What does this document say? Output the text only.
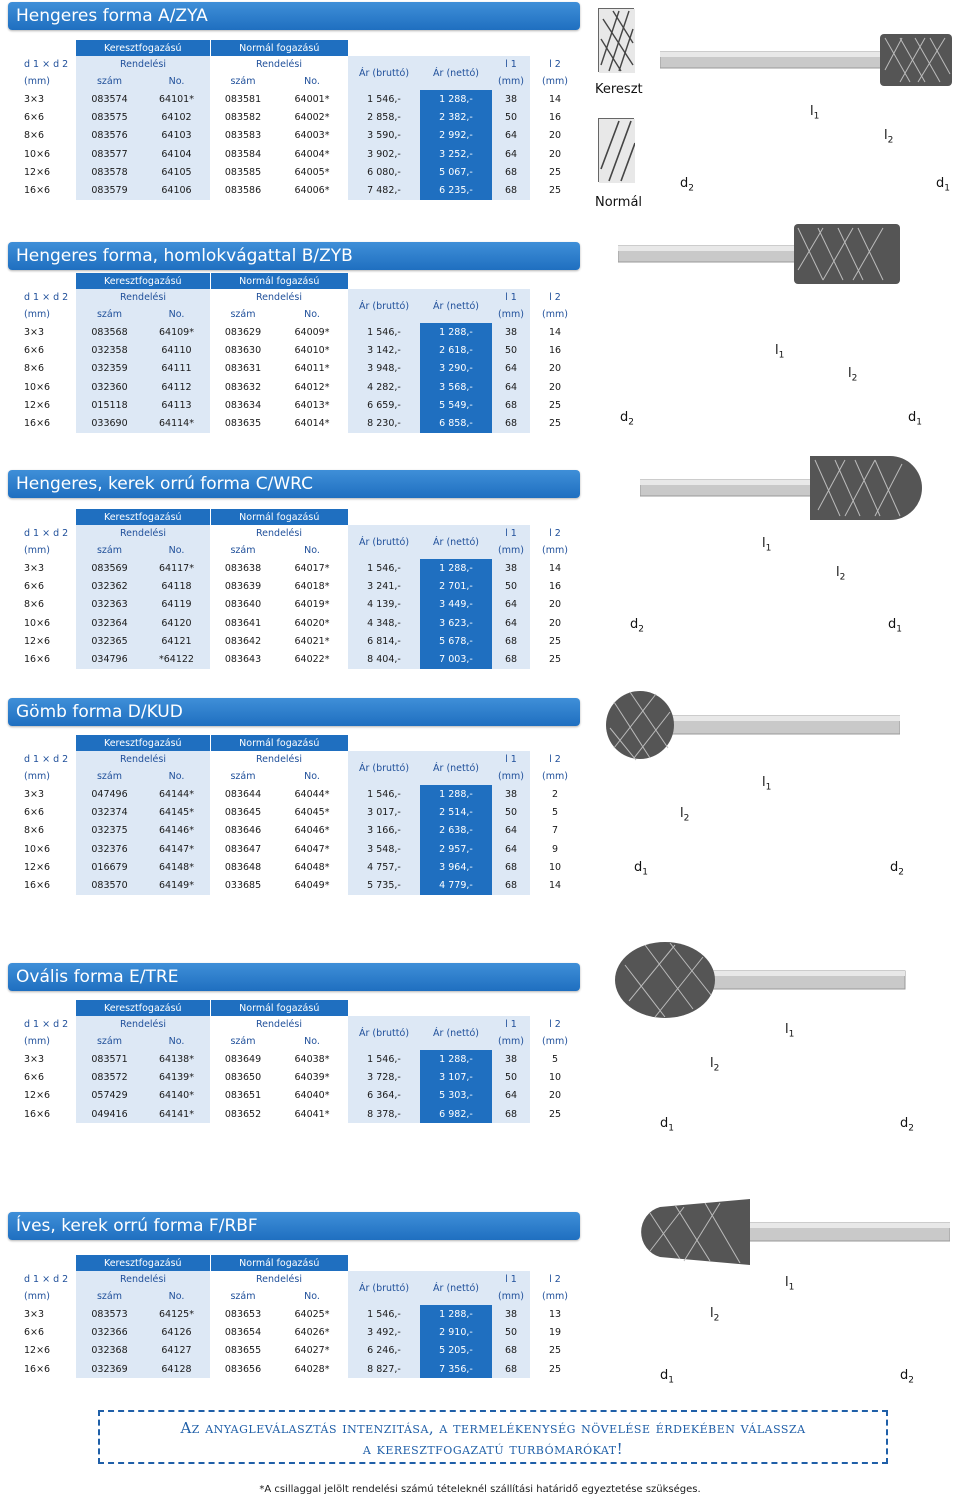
Hengeres forma A/ZYA
	Keresztfogazású		Normál fogazású					
d 1 × d 2	Rendelési		Rendelési		Ár (bruttó)	Ár (nettó)	l 1	l 2
(mm)	szám	No.	szám	No.			(mm)	(mm)
3×3	083574	64101*	083581	64001*	1 546,-	1 288,-	38	14
6×6	083575	64102	083582	64002*	2 858,-	2 382,-	50	16
8×6	083576	64103	083583	64003*	3 590,-	2 992,-	64	20
10×6	083577	64104	083584	64004*	3 902,-	3 252,-	64	20
12×6	083578	64105	083585	64005*	6 080,-	5 067,-	68	25
16×6	083579	64106	083586	64006*	7 482,-	6 235,-	68	25
Hengeres forma, homlokvágattal B/ZYB
	Keresztfogazású		Normál fogazású					
d 1 × d 2	Rendelési		Rendelési		Ár (bruttó)	Ár (nettó)	l 1	l 2
(mm)	szám	No.	szám	No.			(mm)	(mm)
3×3	083568	64109*	083629	64009*	1 546,-	1 288,-	38	14
6×6	032358	64110	083630	64010*	3 142,-	2 618,-	50	16
8×6	032359	64111	083631	64011*	3 948,-	3 290,-	64	20
10×6	032360	64112	083632	64012*	4 282,-	3 568,-	64	20
12×6	015118	64113	083634	64013*	6 659,-	5 549,-	68	25
16×6	033690	64114*	083635	64014*	8 230,-	6 858,-	68	25
Hengeres, kerek orrú forma C/WRC
	Keresztfogazású		Normál fogazású					
d 1 × d 2	Rendelési		Rendelési		Ár (bruttó)	Ár (nettó)	l 1	l 2
(mm)	szám	No.	szám	No.			(mm)	(mm)
3×3	083569	64117*	083638	64017*	1 546,-	1 288,-	38	14
6×6	032362	64118	083639	64018*	3 241,-	2 701,-	50	16
8×6	032363	64119	083640	64019*	4 139,-	3 449,-	64	20
10×6	032364	64120	083641	64020*	4 348,-	3 623,-	64	20
12×6	032365	64121	083642	64021*	6 814,-	5 678,-	68	25
16×6	034796	*64122	083643	64022*	8 404,-	7 003,-	68	25
Gömb forma D/KUD
	Keresztfogazású		Normál fogazású					
d 1 × d 2	Rendelési		Rendelési		Ár (bruttó)	Ár (nettó)	l 1	l 2
(mm)	szám	No.	szám	No.			(mm)	(mm)
3×3	047496	64144*	083644	64044*	1 546,-	1 288,-	38	2
6×6	032374	64145*	083645	64045*	3 017,-	2 514,-	50	5
8×6	032375	64146*	083646	64046*	3 166,-	2 638,-	64	7
10×6	032376	64147*	083647	64047*	3 548,-	2 957,-	64	9
12×6	016679	64148*	083648	64048*	4 757,-	3 964,-	68	10
16×6	083570	64149*	033685	64049*	5 735,-	4 779,-	68	14
Ovális forma E/TRE
	Keresztfogazású		Normál fogazású					
d 1 × d 2	Rendelési		Rendelési		Ár (bruttó)	Ár (nettó)	l 1	l 2
(mm)	szám	No.	szám	No.			(mm)	(mm)
3×3	083571	64138*	083649	64038*	1 546,-	1 288,-	38	5
6×6	083572	64139*	083650	64039*	3 728,-	3 107,-	50	10
12×6	057429	64140*	083651	64040*	6 364,-	5 303,-	64	20
16×6	049416	64141*	083652	64041*	8 378,-	6 982,-	68	25
Íves, kerek orrú forma F/RBF
	Keresztfogazású		Normál fogazású					
d 1 × d 2	Rendelési		Rendelési		Ár (bruttó)	Ár (nettó)	l 1	l 2
(mm)	szám	No.	szám	No.			(mm)	(mm)
3×3	083573	64125*	083653	64025*	1 546,-	1 288,-	38	13
6×6	032366	64126	083654	64026*	3 492,-	2 910,-	50	19
12×6	032368	64127	083655	64027*	6 246,-	5 205,-	68	25
16×6	032369	64128	083656	64028*	8 827,-	7 356,-	68	25
Kereszt
Normál
$l_1$
$l_2$
$d_2$	$d_1$
$l_1$
$l_2$
$d_2$	$d_1$
$l_1$
$l_2$
$d_2$	$d_1$
$l_1$
$l_2$
$d_1$	$d_2$
$l_1$
$l_2$
$d_1$	$d_2$
$l_1$
$l_2$
$d_1$	$d_2$
Az anyagleválasztás intenzitása, a termelékenység növelése érdekében válassza
a keresztfogazatú turbómarókat!
*A csillaggal jelölt rendelési számú tételeknél szállítási határidő egyeztetése szükséges.
